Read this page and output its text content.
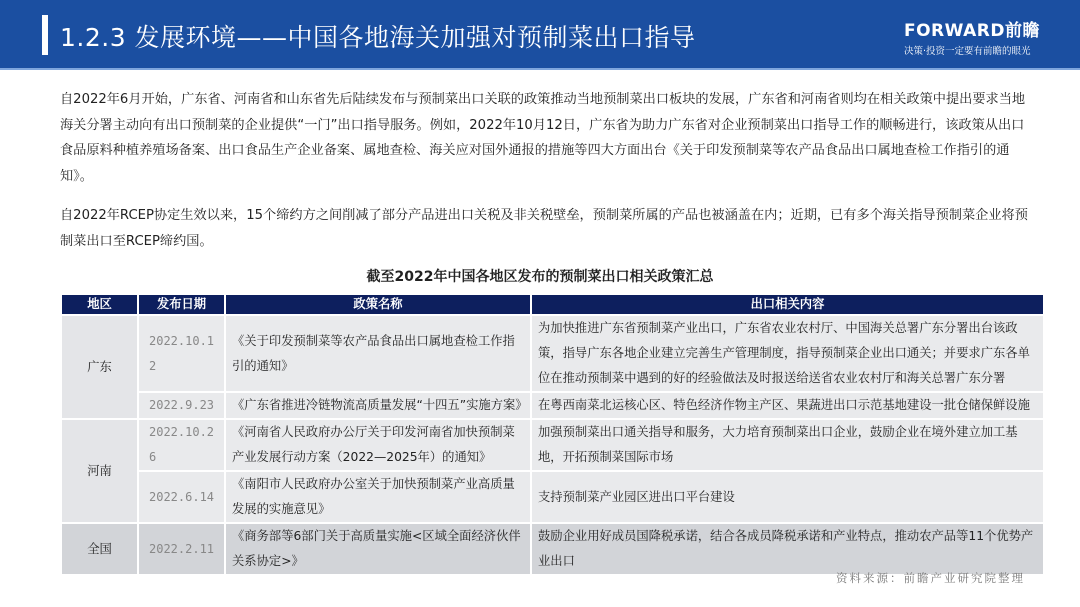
1.2.3 发展环境——中国各地海关加强对预制菜出口指导	FORWARD前瞻
决策·投资一定要有前瞻的眼光

自2022年6月开始，广东省、河南省和山东省先后陆续发布与预制菜出口关联的政策推动当地预制菜出口板块的发展，广东省和河南省则均在相关政策中提出要求当地海关分署主动向有出口预制菜的企业提供“一门”出口指导服务。例如，2022年10月12日，广东省为助力广东省对企业预制菜出口指导工作的顺畅进行，该政策从出口食品原料种植养殖场备案、出口食品生产企业备案、属地查检、海关应对国外通报的措施等四大方面出台《关于印发预制菜等农产品食品出口属地查检工作指引的通知》。

自2022年RCEP协定生效以来，15个缔约方之间削减了部分产品进出口关税及非关税壁垒，预制菜所属的产品也被涵盖在内；近期，已有多个海关指导预制菜企业将预制菜出口至RCEP缔约国。

截至2022年中国各地区发布的预制菜出口相关政策汇总
地区	发布日期	政策名称	出口相关内容
广东	2022.10.12	《关于印发预制菜等农产品食品出口属地查检工作指引的通知》	为加快推进广东省预制菜产业出口，广东省农业农村厅、中国海关总署广东分署出台该政策，指导广东各地企业建立完善生产管理制度，指导预制菜企业出口通关；并要求广东各单位在推动预制菜中遇到的好的经验做法及时报送给送省农业农村厅和海关总署广东分署
	2022.9.23	《广东省推进冷链物流高质量发展“十四五”实施方案》	在粤西南菜北运核心区、特色经济作物主产区、果蔬进出口示范基地建设一批仓储保鲜设施
河南	2022.10.26	《河南省人民政府办公厅关于印发河南省加快预制菜产业发展行动方案（2022—2025年）的通知》	加强预制菜出口通关指导和服务，大力培育预制菜出口企业，鼓励企业在境外建立加工基地，开拓预制菜国际市场
	2022.6.14	《南阳市人民政府办公室关于加快预制菜产业高质量发展的实施意见》	支持预制菜产业园区进出口平台建设
全国	2022.2.11	《商务部等6部门关于高质量实施<区域全面经济伙伴关系协定>》	鼓励企业用好成员国降税承诺，结合各成员降税承诺和产业特点，推动农产品等11个优势产业出口
资料来源：前瞻产业研究院整理
